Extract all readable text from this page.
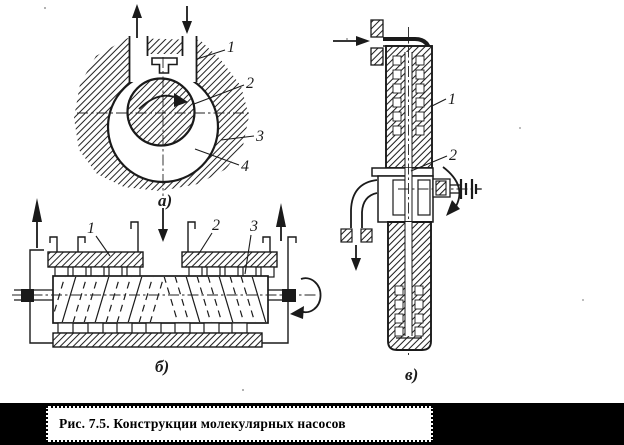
1
2
3
4
а)
1	2 3
б)
1
2
в)
Рис. 7.5. Конструкции молекулярных насосов
